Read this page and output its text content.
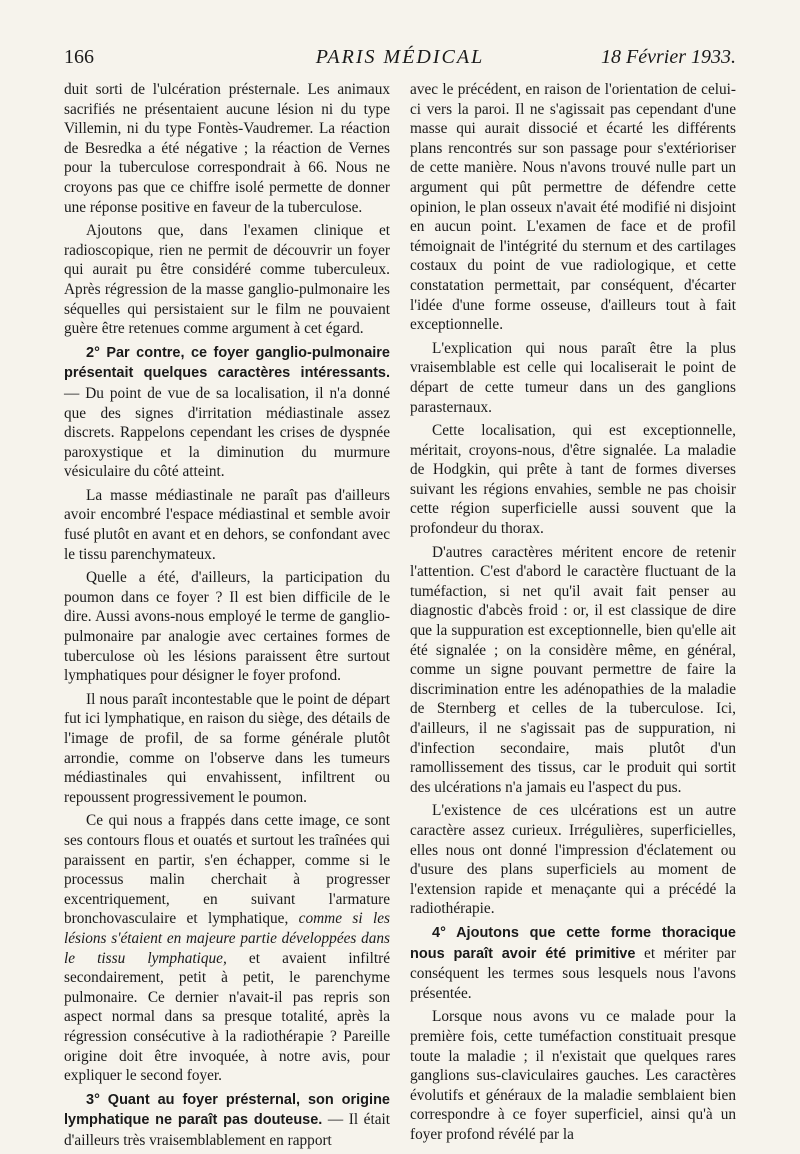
166	PARIS MÉDICAL	18 Février 1933.

duit sorti de l'ulcération présternale. Les animaux sacrifiés ne présentaient aucune lésion ni du type Villemin, ni du type Fontès-Vaudremer. La réaction de Besredka a été négative ; la réaction de Vernes pour la tuberculose correspondrait à 66. Nous ne croyons pas que ce chiffre isolé permette de donner une réponse positive en faveur de la tuberculose.

Ajoutons que, dans l'examen clinique et radioscopique, rien ne permit de découvrir un foyer qui aurait pu être considéré comme tuberculeux. Après régression de la masse ganglio-pulmonaire les séquelles qui persistaient sur le film ne pouvaient guère être retenues comme argument à cet égard.

2° Par contre, ce foyer ganglio-pulmonaire présentait quelques caractères intéressants. — Du point de vue de sa localisation, il n'a donné que des signes d'irritation médiastinale assez discrets. Rappelons cependant les crises de dyspnée paroxystique et la diminution du murmure vésiculaire du côté atteint.

La masse médiastinale ne paraît pas d'ailleurs avoir encombré l'espace médiastinal et semble avoir fusé plutôt en avant et en dehors, se confondant avec le tissu parenchymateux.

Quelle a été, d'ailleurs, la participation du poumon dans ce foyer ? Il est bien difficile de le dire. Aussi avons-nous employé le terme de ganglio-pulmonaire par analogie avec certaines formes de tuberculose où les lésions paraissent être surtout lymphatiques pour désigner le foyer profond.

Il nous paraît incontestable que le point de départ fut ici lymphatique, en raison du siège, des détails de l'image de profil, de sa forme générale plutôt arrondie, comme on l'observe dans les tumeurs médiastinales qui envahissent, infiltrent ou repoussent progressivement le poumon.

Ce qui nous a frappés dans cette image, ce sont ses contours flous et ouatés et surtout les traînées qui paraissent en partir, s'en échapper, comme si le processus malin cherchait à progresser excentriquement, en suivant l'armature bronchovasculaire et lymphatique, comme si les lésions s'étaient en majeure partie développées dans le tissu lymphatique, et avaient infiltré secondairement, petit à petit, le parenchyme pulmonaire. Ce dernier n'avait-il pas repris son aspect normal dans sa presque totalité, après la régression consécutive à la radiothérapie ? Pareille origine doit être invoquée, à notre avis, pour expliquer le second foyer.

3° Quant au foyer présternal, son origine lymphatique ne paraît pas douteuse. — Il était d'ailleurs très vraisemblablement en rapport

avec le précédent, en raison de l'orientation de celui-ci vers la paroi. Il ne s'agissait pas cependant d'une masse qui aurait dissocié et écarté les différents plans rencontrés sur son passage pour s'extérioriser de cette manière. Nous n'avons trouvé nulle part un argument qui pût permettre de défendre cette opinion, le plan osseux n'avait été modifié ni disjoint en aucun point. L'examen de face et de profil témoignait de l'intégrité du sternum et des cartilages costaux du point de vue radiologique, et cette constatation permettait, par conséquent, d'écarter l'idée d'une forme osseuse, d'ailleurs tout à fait exceptionnelle.

L'explication qui nous paraît être la plus vraisemblable est celle qui localiserait le point de départ de cette tumeur dans un des ganglions parasternaux.

Cette localisation, qui est exceptionnelle, méritait, croyons-nous, d'être signalée. La maladie de Hodgkin, qui prête à tant de formes diverses suivant les régions envahies, semble ne pas choisir cette région superficielle aussi souvent que la profondeur du thorax.

D'autres caractères méritent encore de retenir l'attention. C'est d'abord le caractère fluctuant de la tuméfaction, si net qu'il avait fait penser au diagnostic d'abcès froid : or, il est classique de dire que la suppuration est exceptionnelle, bien qu'elle ait été signalée ; on la considère même, en général, comme un signe pouvant permettre de faire la discrimination entre les adénopathies de la maladie de Sternberg et celles de la tuberculose. Ici, d'ailleurs, il ne s'agissait pas de suppuration, ni d'infection secondaire, mais plutôt d'un ramollissement des tissus, car le produit qui sortit des ulcérations n'a jamais eu l'aspect du pus.

L'existence de ces ulcérations est un autre caractère assez curieux. Irrégulières, superficielles, elles nous ont donné l'impression d'éclatement ou d'usure des plans superficiels au moment de l'extension rapide et menaçante qui a précédé la radiothérapie.

4° Ajoutons que cette forme thoracique nous paraît avoir été primitive et mériter par conséquent les termes sous lesquels nous l'avons présentée.

Lorsque nous avons vu ce malade pour la première fois, cette tuméfaction constituait presque toute la maladie ; il n'existait que quelques rares ganglions sus-claviculaires gauches. Les caractères évolutifs et généraux de la maladie semblaient bien correspondre à ce foyer superficiel, ainsi qu'à un foyer profond révélé par la
